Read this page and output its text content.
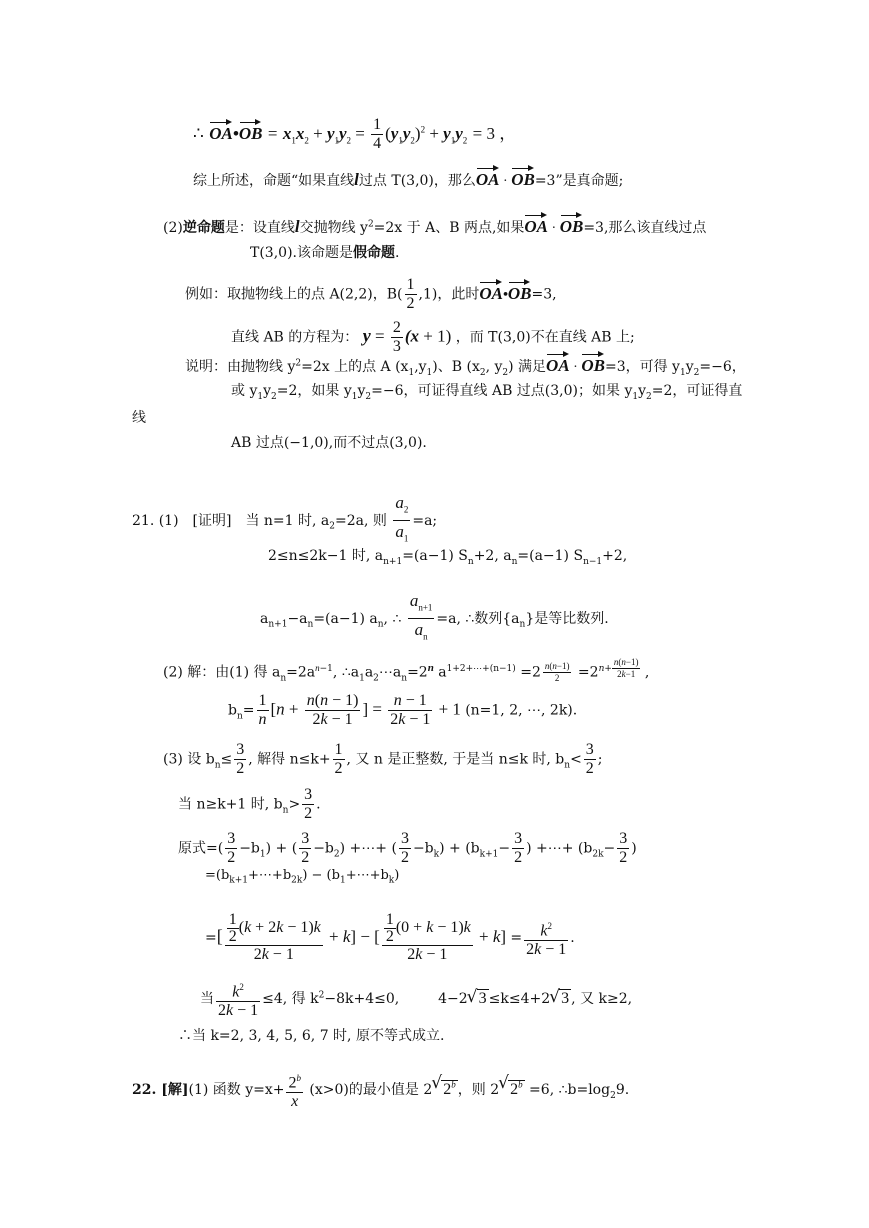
∴ OA•OB = $x_1x_2 + y_1y_2 = \frac{1}{4} (y_1y_2)^2 + y_1y_2 = 3$ ，
综上所述，命题“如果直线l过点 T(3,0)，那么OA · OB=3”是真命题;
(2)逆命题是：设直线l交抛物线 $y^2=2x$ 于 A、B 两点,如果OA · OB=3,那么该直线过点
T(3,0).该命题是假命题.
例如：取抛物线上的点 A(2,2)，$B( \frac{1}{2} ,1)$，此时OA•OB=3,
直线 AB 的方程为： $y = \frac{2}{3} (x + 1)$ ，而 T(3,0)不在直线 AB 上;
说明：由抛物线 $y^2=2x$ 上的点 A $(x_1,y_1)$、B ($x_2$, $y_2$) 满足OA · OB=3，可得 $y_1y_2=-6$，
或 $y_1y_2=2$，如果 $y_1y_2=-6$，可证得直线 AB 过点(3,0)；如果 $y_1y_2=2$，可证得直
线
AB 过点(−1,0),而不过点(3,0).
21. (1)　[证明]　当 n=1 时, $a_2=2a$, 则 $\frac{a_2}{a_1} =a$;
2≤n≤2k−1 时, $a_{n+1}=(a-1)$ $S_n+2$, $a_n=(a-1)$ $S_{n-1}+2$,
$a_{n+1}-a_n=(a-1)$ $a_n$, ∴ $\frac{a_{n+1}}{a_n} =a$, ∴数列$\{a_n\}$是等比数列.
(2) 解：由(1) 得 $a_n=2a^{n-1}$, $\therefore a_1a_2\cdots a_n=2^n$ $a^{1+2+\cdots+(n-1)} =2 \frac{n(n-1)}{2} =2^{n+ \frac{n(n-1)}{2k-1}}$ ,
$b_n= \frac{1}{n} [n + \frac{n(n - 1)}{2k - 1}$ ] = $\frac{n - 1}{2k - 1} + 1$ (n=1, 2, ⋯, 2k).
(3) 设 $b_n\le \frac{3}{2}$ , 解得 $n\le k+ \frac{1}{2}$ , 又 n 是正整数, 于是当 n≤k 时, $b_n< \frac{3}{2}$ ;
当 n≥k+1 时, $b_n> \frac{3}{2}$ .
原式=( $\frac{3}{2} -b_1$) + ( $\frac{3}{2} -b_2$) +⋯+ ( $\frac{3}{2} -b_k) + (b_{k+1}- \frac{3}{2}$ ) +⋯+ ($b_{2k}- \frac{3}{2}$ )
$=(b_{k+1}+\cdots+b_{2k})$ − $(b_1+\cdots+b_k)$
=[ $\frac{\frac{1}{2} (k + 2k - 1)k}{2k - 1} + k$] − [ $\frac{\frac{1}{2} (0 + k - 1)k}{2k - 1} + k] = \frac{k^2}{2k - 1}$ .
当 $\frac{k^2}{2k - 1} \le 4$, 得 $k^2-8k+4\le 0$,	4−2 √ 3 ≤k≤4+2 √ 3 , 又 k≥2,
∴当 k=2, 3, 4, 5, 6, 7 时, 原不等式成立.
22. [解](1) 函数 $y=x+ \frac{2^b}{x} (x>0)$的最小值是 2 √ 2$^b$ ，则 2 √ $2^b =6$, $\therefore b=\log_29$.
